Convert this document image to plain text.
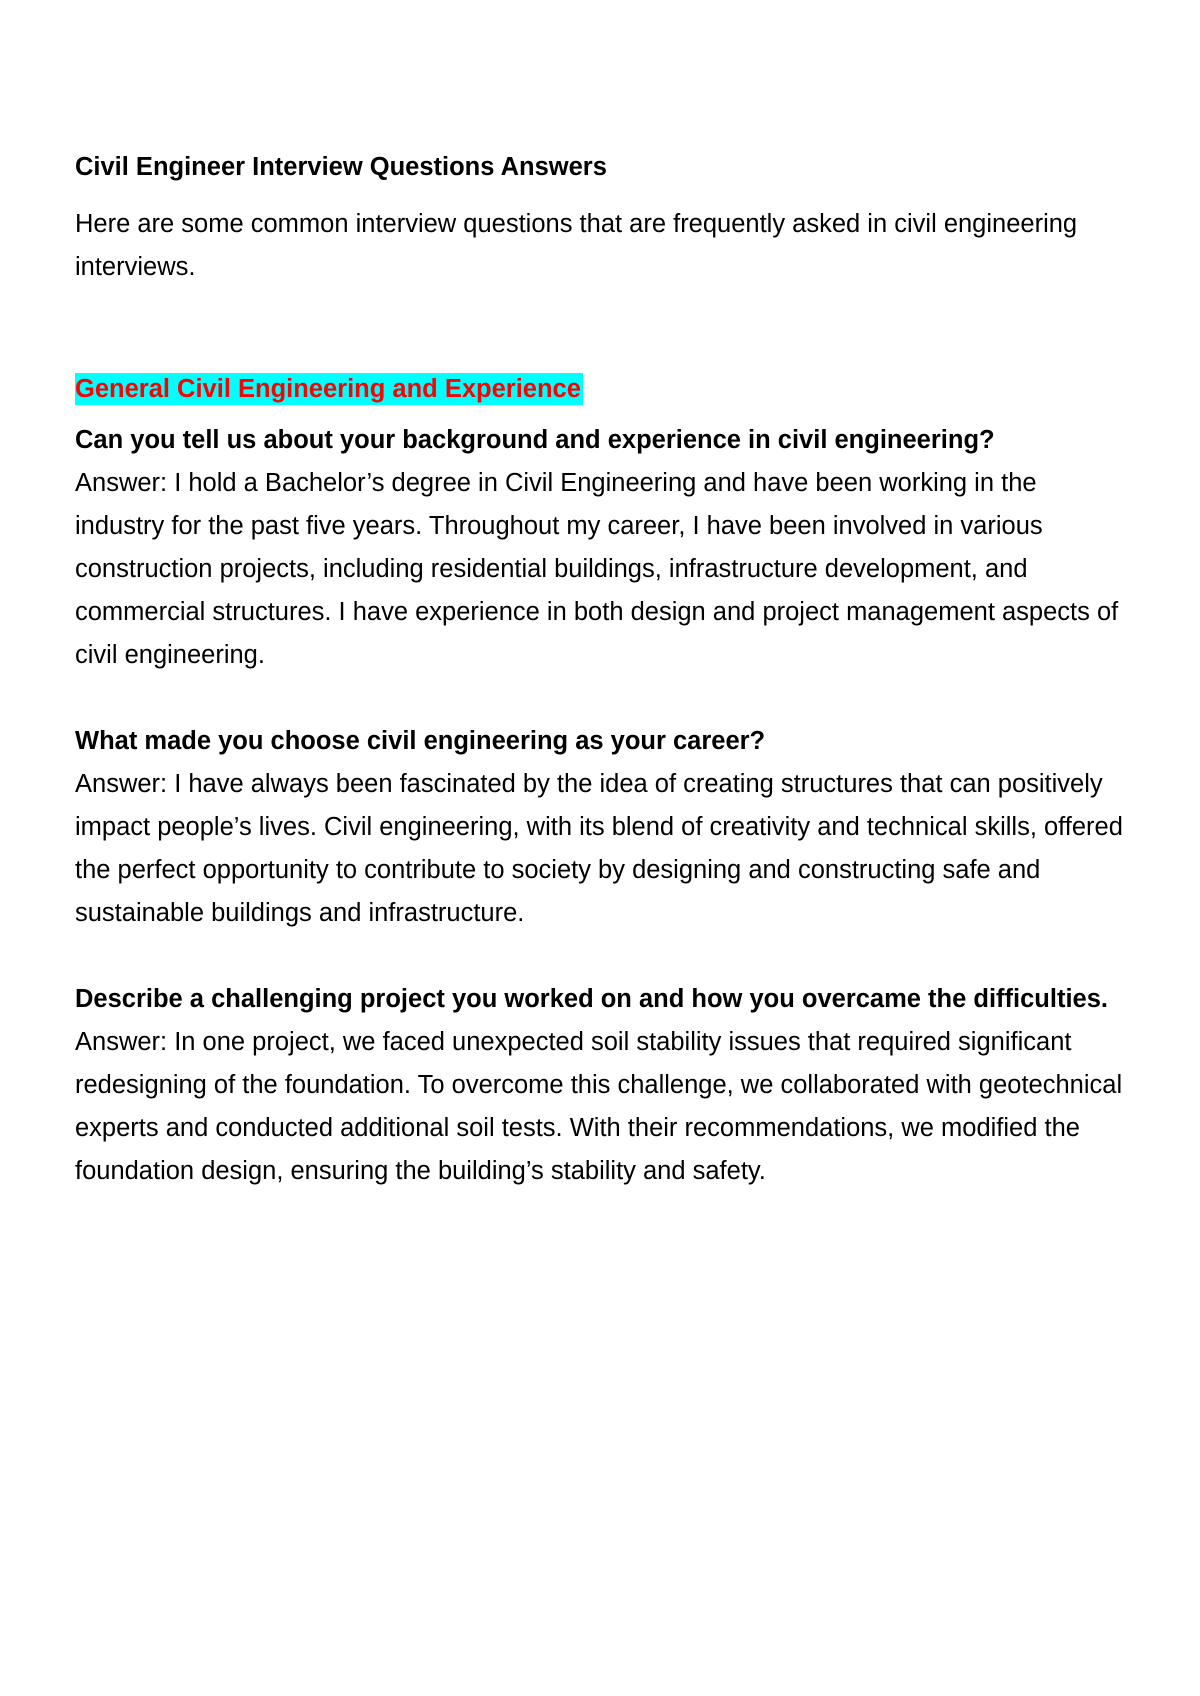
Civil Engineer Interview Questions Answers

Here are some common interview questions that are frequently asked in civil engineering interviews.

General Civil Engineering and Experience

Can you tell us about your background and experience in civil engineering?

Answer: I hold a Bachelor’s degree in Civil Engineering and have been working in the industry for the past five years. Throughout my career, I have been involved in various construction projects, including residential buildings, infrastructure development, and commercial structures. I have experience in both design and project management aspects of civil engineering.

What made you choose civil engineering as your career?

Answer: I have always been fascinated by the idea of creating structures that can positively impact people’s lives. Civil engineering, with its blend of creativity and technical skills, offered the perfect opportunity to contribute to society by designing and constructing safe and sustainable buildings and infrastructure.

Describe a challenging project you worked on and how you overcame the difficulties.

Answer: In one project, we faced unexpected soil stability issues that required significant redesigning of the foundation. To overcome this challenge, we collaborated with geotechnical experts and conducted additional soil tests. With their recommendations, we modified the foundation design, ensuring the building’s stability and safety.
